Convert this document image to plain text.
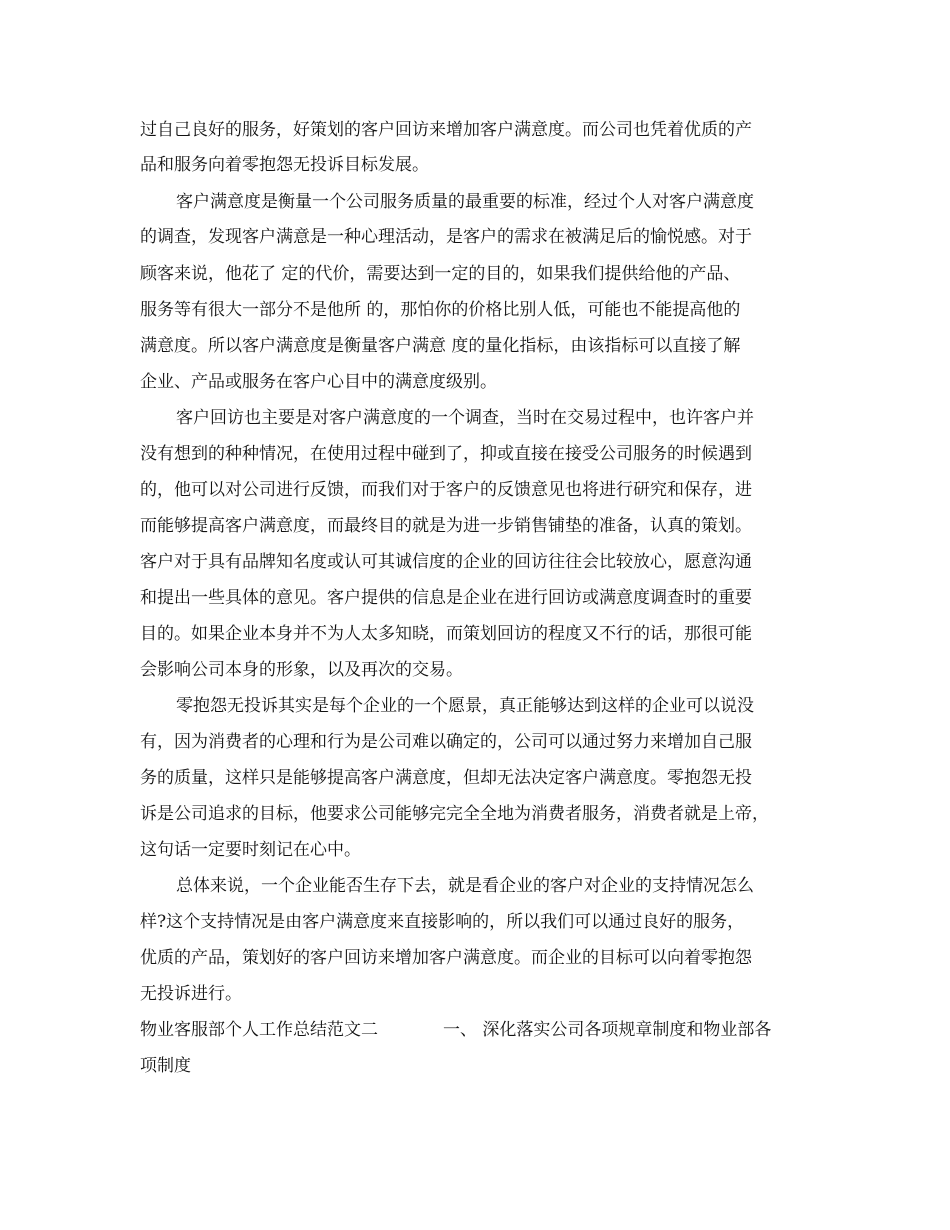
过自己良好的服务，好策划的客户回访来增加客户满意度。而公司也凭着优质的产

品和服务向着零抱怨无投诉目标发展。

客户满意度是衡量一个公司服务质量的最重要的标准，经过个人对客户满意度

的调查，发现客户满意是一种心理活动，是客户的需求在被满足后的愉悦感。对于

顾客来说，他花了 定的代价，需要达到一定的目的，如果我们提供给他的产品、

服务等有很大一部分不是他所 的，那怕你的价格比别人低，可能也不能提高他的

满意度。所以客户满意度是衡量客户满意 度的量化指标，由该指标可以直接了解

企业、产品或服务在客户心目中的满意度级别。

客户回访也主要是对客户满意度的一个调查，当时在交易过程中，也许客户并

没有想到的种种情况，在使用过程中碰到了，抑或直接在接受公司服务的时候遇到

的，他可以对公司进行反馈，而我们对于客户的反馈意见也将进行研究和保存，进

而能够提高客户满意度，而最终目的就是为进一步销售铺垫的准备，认真的策划。

客户对于具有品牌知名度或认可其诚信度的企业的回访往往会比较放心，愿意沟通

和提出一些具体的意见。客户提供的信息是企业在进行回访或满意度调查时的重要

目的。如果企业本身并不为人太多知晓，而策划回访的程度又不行的话，那很可能

会影响公司本身的形象，以及再次的交易。

零抱怨无投诉其实是每个企业的一个愿景，真正能够达到这样的企业可以说没

有，因为消费者的心理和行为是公司难以确定的，公司可以通过努力来增加自己服

务的质量，这样只是能够提高客户满意度，但却无法决定客户满意度。零抱怨无投

诉是公司追求的目标，他要求公司能够完完全全地为消费者服务，消费者就是上帝，

这句话一定要时刻记在心中。

总体来说，一个企业能否生存下去，就是看企业的客户对企业的支持情况怎么

样?这个支持情况是由客户满意度来直接影响的，所以我们可以通过良好的服务，

优质的产品，策划好的客户回访来增加客户满意度。而企业的目标可以向着零抱怨

无投诉进行。

物业客服部个人工作总结范文二	一、 深化落实公司各项规章制度和物业部各

项制度
